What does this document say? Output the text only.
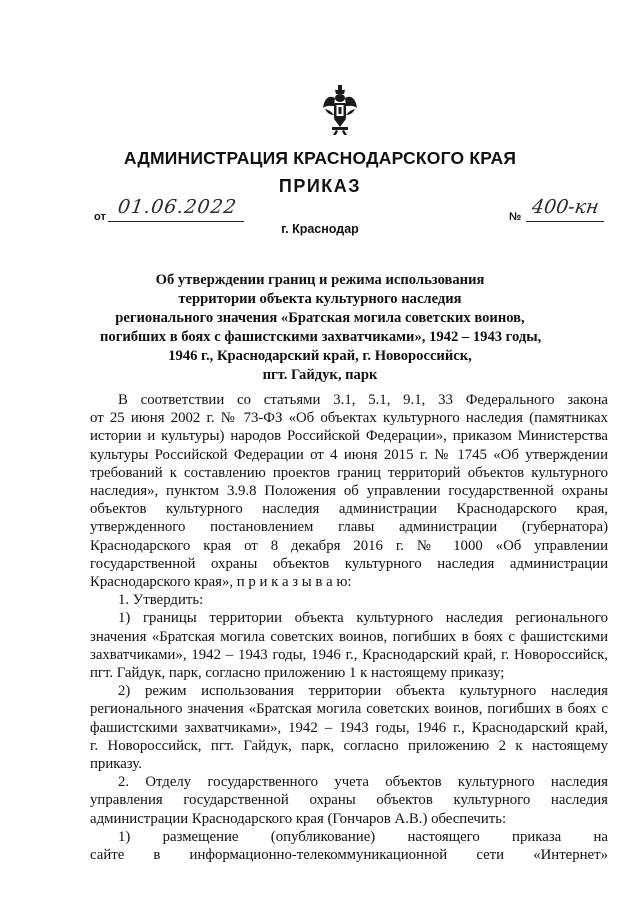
АДМИНИСТРАЦИЯ КРАСНОДАРСКОГО КРАЯ
ПРИКАЗ
от 01.06.2022	№ 400-кн
г. Краснодар
Об утверждении границ и режима использования
территории объекта культурного наследия
регионального значения «Братская могила советских воинов,
погибших в боях с фашистскими захватчиками», 1942 – 1943 годы,
1946 г., Краснодарский край, г. Новороссийск,
пгт. Гайдук, парк
В соответствии со статьями 3.1, 5.1, 9.1, 33 Федерального закона
от 25 июня 2002 г. № 73-ФЗ «Об объектах культурного наследия (памятниках
истории и культуры) народов Российской Федерации», приказом Министерства
культуры Российской Федерации от 4 июня 2015 г. № 1745 «Об утверждении
требований к составлению проектов границ территорий объектов культурного
наследия», пунктом 3.9.8 Положения об управлении государственной охраны
объектов культурного наследия администрации Краснодарского края,
утвержденного постановлением главы администрации (губернатора)
Краснодарского края от 8 декабря 2016 г. № 1000 «Об управлении
государственной охраны объектов культурного наследия администрации
Краснодарского края», п р и к а з ы в а ю:
1. Утвердить:
1) границы территории объекта культурного наследия регионального
значения «Братская могила советских воинов, погибших в боях с фашистскими
захватчиками», 1942 – 1943 годы, 1946 г., Краснодарский край, г. Новороссийск,
пгт. Гайдук, парк, согласно приложению 1 к настоящему приказу;
2) режим использования территории объекта культурного наследия
регионального значения «Братская могила советских воинов, погибших в боях с
фашистскими захватчиками», 1942 – 1943 годы, 1946 г., Краснодарский край,
г. Новороссийск, пгт. Гайдук, парк, согласно приложению 2 к настоящему
приказу.
2. Отделу государственного учета объектов культурного наследия
управления государственной охраны объектов культурного наследия
администрации Краснодарского края (Гончаров А.В.) обеспечить:
1) размещение (опубликование) настоящего приказа на
сайте в информационно-телекоммуникационной сети «Интернет»
